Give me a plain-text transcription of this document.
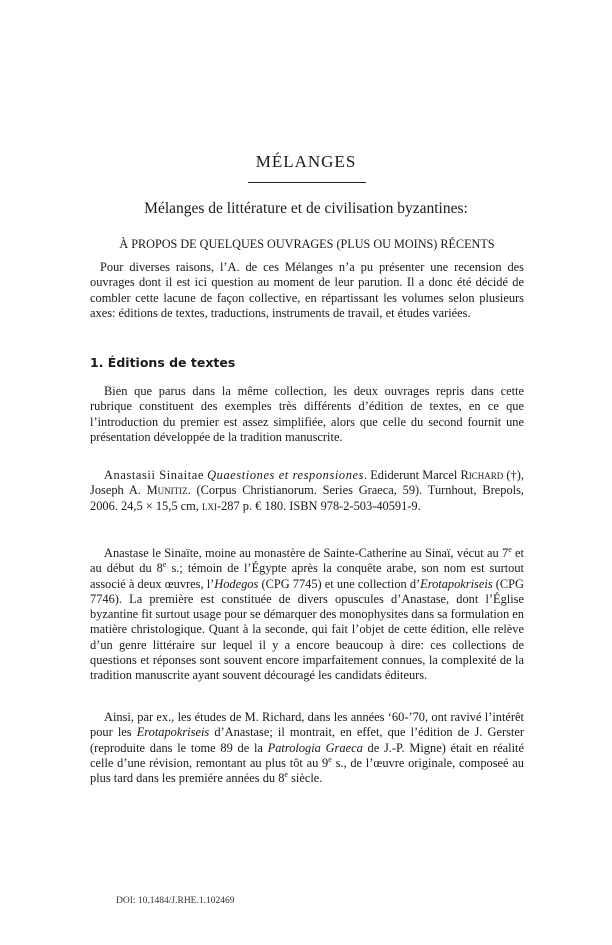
MÉLANGES
Mélanges de littérature et de civilisation byzantines:
À PROPOS DE QUELQUES OUVRAGES (PLUS OU MOINS) RÉCENTS

Pour diverses raisons, l’A. de ces Mélanges n’a pu présenter une recension des ouvrages dont il est ici question au moment de leur parution. Il a donc été décidé de combler cette lacune de façon collective, en répartissant les volumes selon plusieurs axes: éditions de textes, traductions, instruments de travail, et études variées.

1. Éditions de textes

Bien que parus dans la même collection, les deux ouvrages repris dans cette rubrique constituent des exemples très différents d’édition de textes, en ce que l’introduction du premier est assez simplifiée, alors que celle du second fournit une présentation développée de la tradition manuscrite.

Anastasii Sinaitae Quaestiones et responsiones. Ediderunt Marcel Richard (†), Joseph A. Munitiz. (Corpus Christianorum. Series Graeca, 59). Turnhout, Brepols, 2006. 24,5 × 15,5 cm, lxi-287 p. € 180. ISBN 978-2-503-40591-9.

Anastase le Sinaïte, moine au monastère de Sainte-Catherine au Sinaï, vécut au 7e et au début du 8e s.; témoin de l’Égypte après la conquête arabe, son nom est surtout associé à deux œuvres, l’Hodegos (CPG 7745) et une collection d’Erotapokriseis (CPG 7746). La première est constituée de divers opuscules d’Anastase, dont l’Église byzantine fit surtout usage pour se démarquer des monophysites dans sa formulation en matière christologique. Quant à la seconde, qui fait l’objet de cette édition, elle relève d’un genre littéraire sur lequel il y a encore beaucoup à dire: ces collections de questions et réponses sont souvent encore imparfaitement connues, la complexité de la tradition manuscrite ayant souvent découragé les candidats éditeurs.

Ainsi, par ex., les études de M. Richard, dans les années ‘60-’70, ont ravivé l’intérêt pour les Erotapokriseis d’Anastase; il montrait, en effet, que l’édition de J. Gerster (reproduite dans le tome 89 de la Patrologia Graeca de J.-P. Migne) était en réalité celle d’une révision, remontant au plus tôt au 9e s., de l’œuvre originale, composeé au plus tard dans les premiére années du 8e siècle.

DOI: 10.1484/J.RHE.1.102469
